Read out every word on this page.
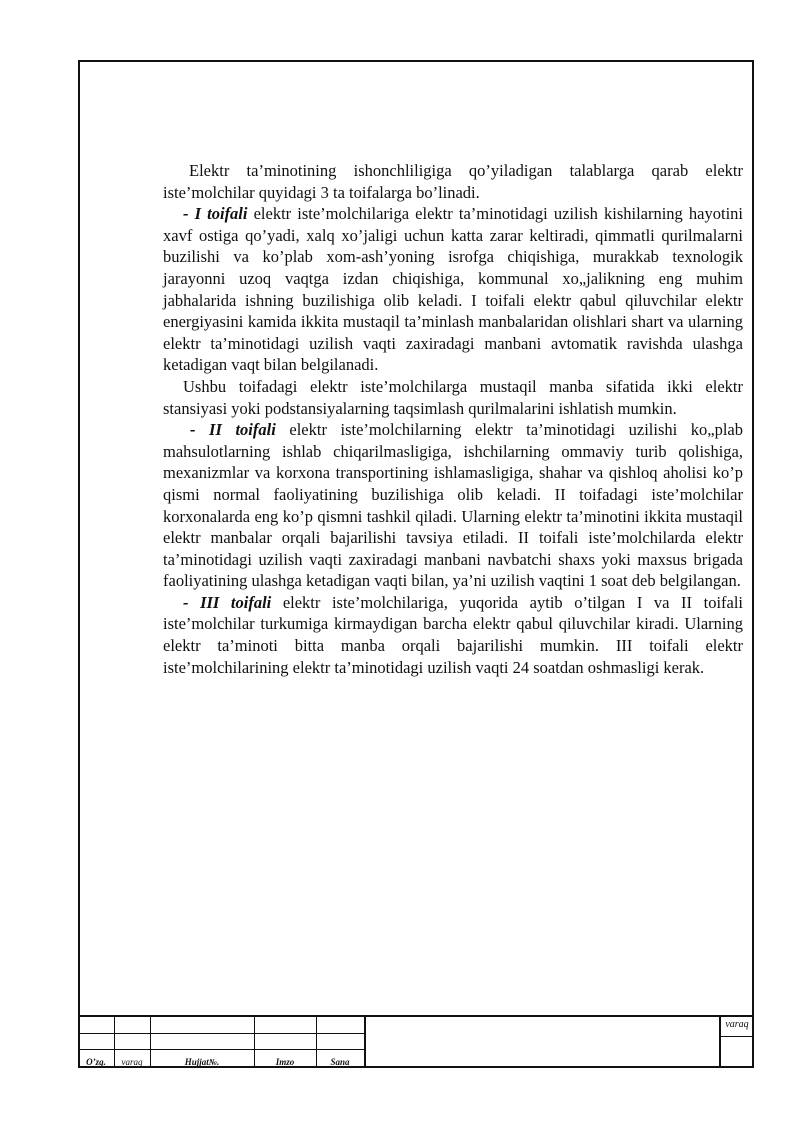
Elektr ta’minotining ishonchliligiga qo’yiladigan talablarga qarab elektr iste’molchilar quyidagi 3 ta toifalarga bo’linadi.

- I toifali elektr iste’molchilariga elektr ta’minotidagi uzilish kishilarning hayotini xavf ostiga qo’yadi, xalq xo’jaligi uchun katta zarar keltiradi, qimmatli qurilmalarni buzilishi va ko’plab xom-ash’yoning isrofga chiqishiga, murakkab texnologik jarayonni uzoq vaqtga izdan chiqishiga, kommunal xo„jalikning eng muhim jabhalarida ishning buzilishiga olib keladi. I toifali elektr qabul qiluvchilar elektr energiyasini kamida ikkita mustaqil ta’minlash manbalaridan olishlari shart va ularning elektr ta’minotidagi uzilish vaqti zaxiradagi manbani avtomatik ravishda ulashga ketadigan vaqt bilan belgilanadi.

Ushbu toifadagi elektr iste’molchilarga mustaqil manba sifatida ikki elektr stansiyasi yoki podstansiyalarning taqsimlash qurilmalarini ishlatish mumkin.

- II toifali elektr iste’molchilarning elektr ta’minotidagi uzilishi ko„plab mahsulotlarning ishlab chiqarilmasligiga, ishchilarning ommaviy turib qolishiga, mexanizmlar va korxona transportining ishlamasligiga, shahar va qishloq aholisi ko’p qismi normal faoliyatining buzilishiga olib keladi. II toifadagi iste’molchilar korxonalarda eng ko’p qismni tashkil qiladi. Ularning elektr ta’minotini ikkita mustaqil elektr manbalar orqali bajarilishi tavsiya etiladi. II toifali iste’molchilarda elektr ta’minotidagi uzilish vaqti zaxiradagi manbani navbatchi shaxs yoki maxsus brigada faoliyatining ulashga ketadigan vaqti bilan, ya’ni uzilish vaqtini 1 soat deb belgilangan.

- III toifali elektr iste’molchilariga, yuqorida aytib o’tilgan I va II toifali iste’molchilar turkumiga kirmaydigan barcha elektr qabul qiluvchilar kiradi. Ularning elektr ta’minoti bitta manba orqali bajarilishi mumkin. III toifali elektr iste’molchilarining elektr ta’minotidagi uzilish vaqti 24 soatdan oshmasligi kerak.

O’zg.	varaq	Hujjat№.	Imzo	Sana
varaq
